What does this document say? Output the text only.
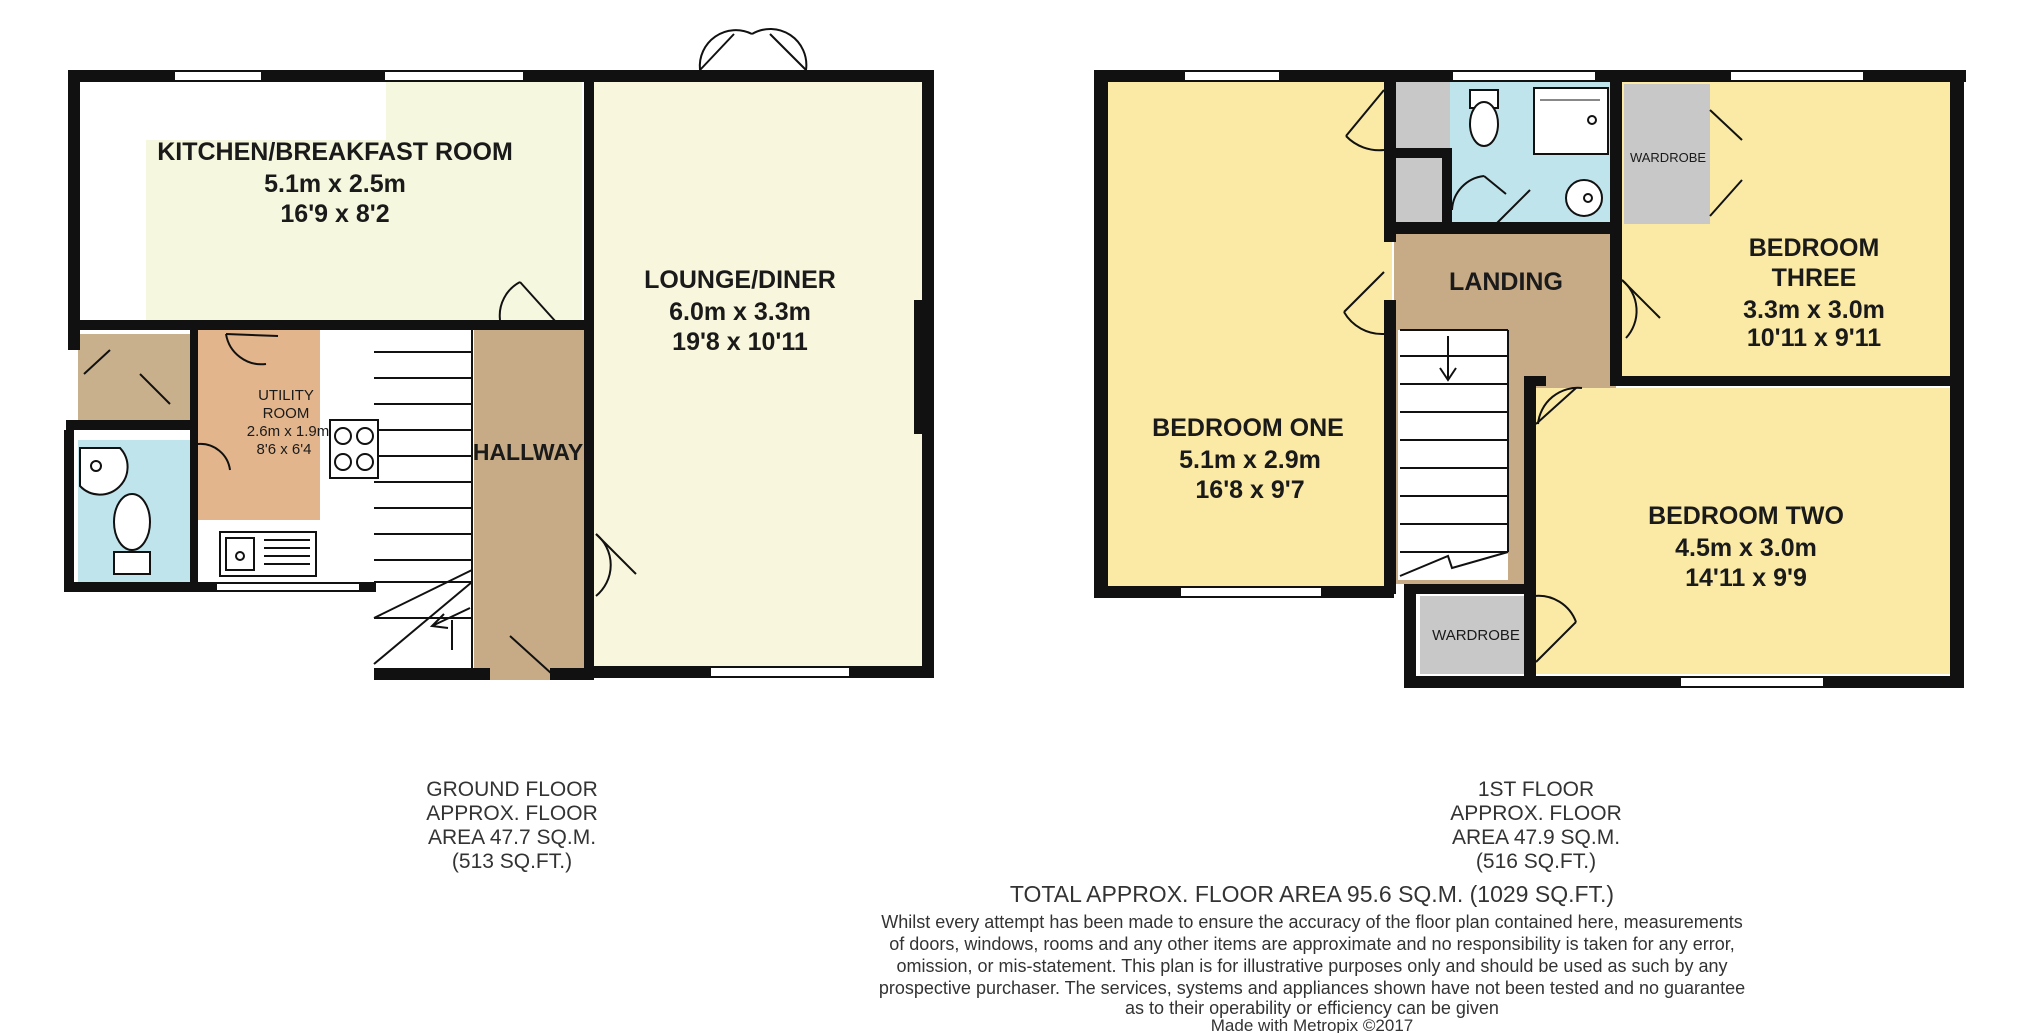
KITCHEN/BREAKFAST ROOM
5.1m x 2.5m
16'9 x 8'2
LOUNGE/DINER
6.0m x 3.3m
19'8 x 10'11
UTILITY
ROOM
2.6m x 1.9m
8'6 x 6'4	HALLWAY
BEDROOM ONE
5.1m x 2.9m
16'8 x 9'7
LANDING
BEDROOM
THREE
3.3m x 3.0m
10'11 x 9'11
BEDROOM TWO
4.5m x 3.0m
14'11 x 9'9
WARDROBE
WARDROBE
GROUND FLOOR
APPROX. FLOOR
AREA 47.7 SQ.M.
(513 SQ.FT.)
1ST FLOOR
APPROX. FLOOR
AREA 47.9 SQ.M.
(516 SQ.FT.)
TOTAL APPROX. FLOOR AREA 95.6 SQ.M. (1029 SQ.FT.)
Whilst every attempt has been made to ensure the accuracy of the floor plan contained here, measurements
of doors, windows, rooms and any other items are approximate and no responsibility is taken for any error,
omission, or mis-statement. This plan is for illustrative purposes only and should be used as such by any
prospective purchaser. The services, systems and appliances shown have not been tested and no guarantee
as to their operability or efficiency can be given
Made with Metropix ©2017
